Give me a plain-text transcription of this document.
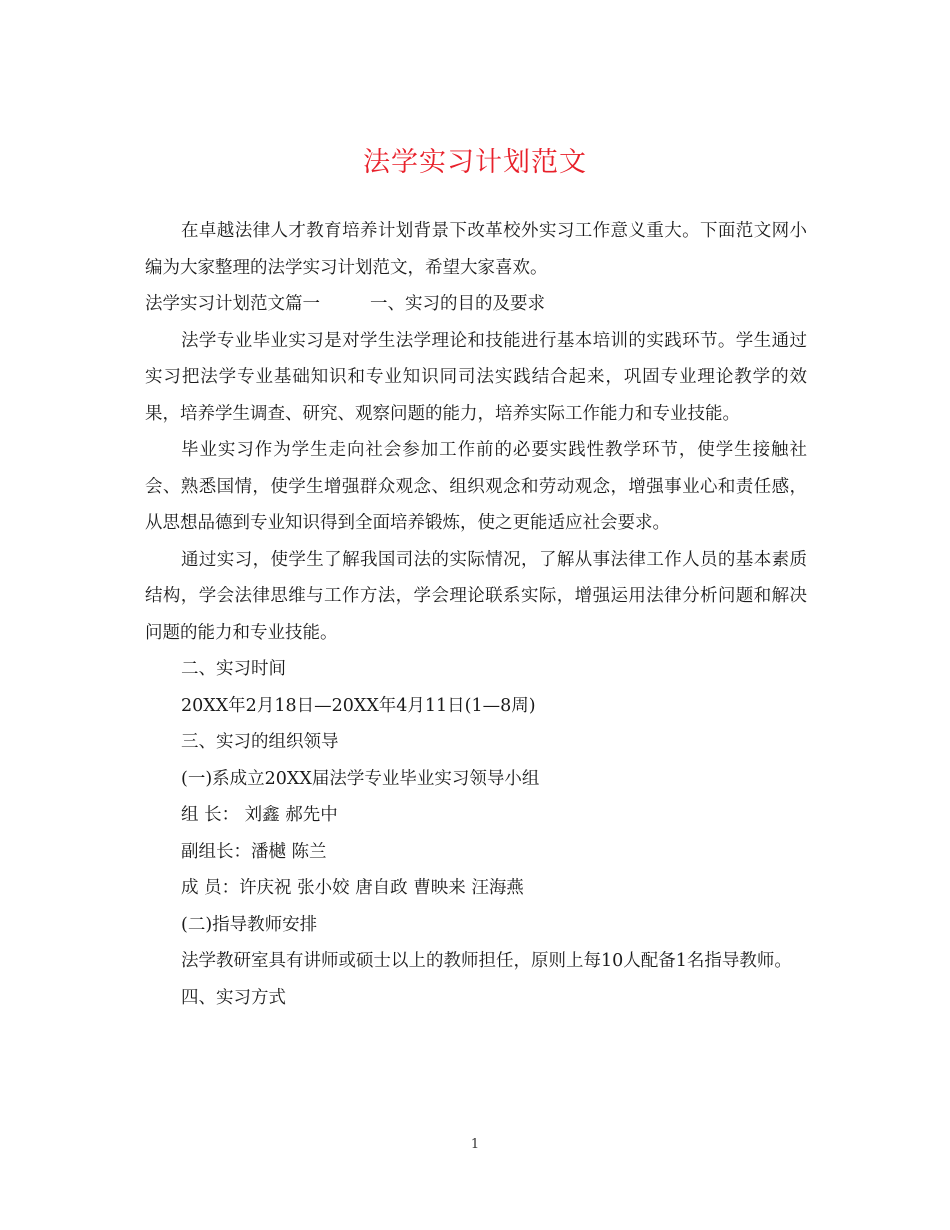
法学实习计划范文

在卓越法律人才教育培养计划背景下改革校外实习工作意义重大。下面范文网小编为大家整理的法学实习计划范文，希望大家喜欢。

法学实习计划范文篇一	一、实习的目的及要求

法学专业毕业实习是对学生法学理论和技能进行基本培训的实践环节。学生通过实习把法学专业基础知识和专业知识同司法实践结合起来，巩固专业理论教学的效果，培养学生调查、研究、观察问题的能力，培养实际工作能力和专业技能。

毕业实习作为学生走向社会参加工作前的必要实践性教学环节，使学生接触社会、熟悉国情，使学生增强群众观念、组织观念和劳动观念，增强事业心和责任感，从思想品德到专业知识得到全面培养锻炼，使之更能适应社会要求。

通过实习，使学生了解我国司法的实际情况，了解从事法律工作人员的基本素质结构，学会法律思维与工作方法，学会理论联系实际，增强运用法律分析问题和解决问题的能力和专业技能。

二、实习时间

20XX年2月18日—20XX年4月11日(1—8周)

三、实习的组织领导

(一)系成立20XX届法学专业毕业实习领导小组

组 长： 刘鑫 郝先中

副组长：潘樾 陈兰

成 员：许庆祝 张小姣 唐自政 曹映来 汪海燕

(二)指导教师安排

法学教研室具有讲师或硕士以上的教师担任，原则上每10人配备1名指导教师。

四、实习方式

1
